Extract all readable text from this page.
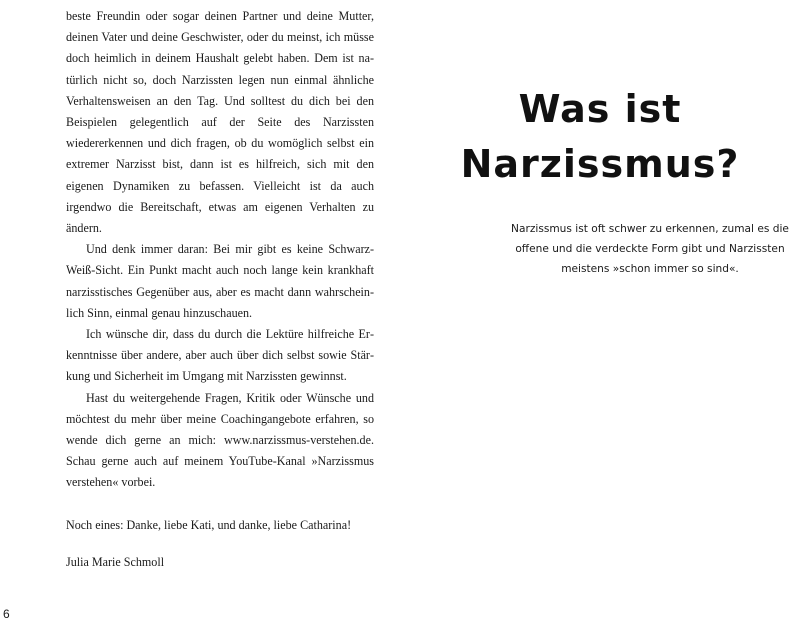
beste Freundin oder sogar deinen Partner und deine Mutter, deinen Vater und deine Geschwister, oder du meinst, ich müsse doch heimlich in deinem Haushalt gelebt haben. Dem ist natürlich nicht so, doch Narzissten legen nun einmal ähnliche Verhaltensweisen an den Tag. Und solltest du dich bei den Beispielen gelegentlich auf der Seite des Narzissten wiedererkennen und dich fragen, ob du womöglich selbst ein extremer Narzisst bist, dann ist es hilfreich, sich mit den eigenen Dynamiken zu befassen. Vielleicht ist da auch irgendwo die Bereitschaft, etwas am eigenen Verhalten zu ändern.

Und denk immer daran: Bei mir gibt es keine Schwarz-Weiß-Sicht. Ein Punkt macht auch noch lange kein krankhaft narzisstisches Gegenüber aus, aber es macht dann wahrscheinlich Sinn, einmal genau hinzuschauen.

Ich wünsche dir, dass du durch die Lektüre hilfreiche Erkenntnisse über andere, aber auch über dich selbst sowie Stärkung und Sicherheit im Umgang mit Narzissten gewinnst.

Hast du weitergehende Fragen, Kritik oder Wünsche und möchtest du mehr über meine Coachingangebote erfahren, so wende dich gerne an mich: www.narzissmus-verstehen.de. Schau gerne auch auf meinem YouTube-Kanal »Narzissmus verstehen« vorbei.

Noch eines: Danke, liebe Kati, und danke, liebe Catharina!

Julia Marie Schmoll

6
Was ist
Narzissmus?
Narzissmus ist oft schwer zu erkennen, zumal es die offene und die verdeckte Form gibt und Narzissten meistens »schon immer so sind«.
